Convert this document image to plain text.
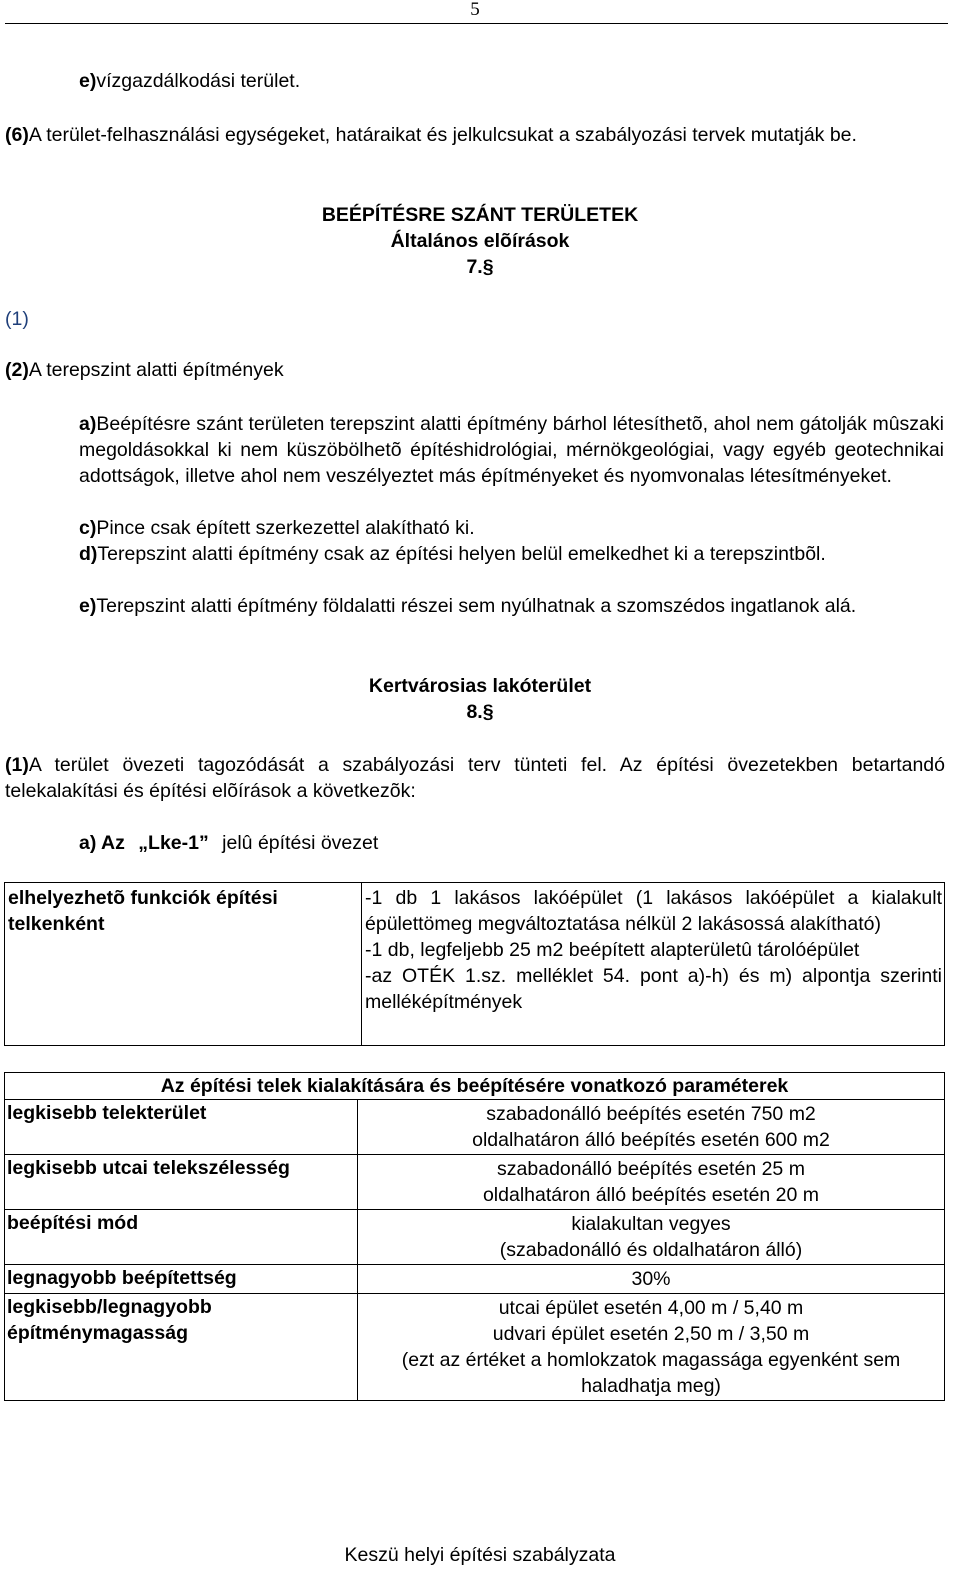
5
e)vízgazdálkodási terület.
(6)A terület-felhasználási egységeket, határaikat és jelkulcsukat a szabályozási tervek mutatják be.
BEÉPÍTÉSRE SZÁNT TERÜLETEK
Általános elõírások
7.§
(1)
(2)A terepszint alatti építmények
a)Beépítésre szánt területen terepszint alatti építmény bárhol létesíthetõ, ahol nem gátolják mûszaki megoldásokkal ki nem küszöbölhetõ építéshidrológiai, mérnökgeológiai, vagy egyéb geotechnikai adottságok, illetve ahol nem veszélyeztet más építményeket és nyomvonalas létesítményeket.
c)Pince csak épített szerkezettel alakítható ki.
d)Terepszint alatti építmény csak az építési helyen belül emelkedhet ki a terepszintbõl.
e)Terepszint alatti építmény földalatti részei sem nyúlhatnak a szomszédos ingatlanok alá.
Kertvárosias lakóterület
8.§
(1)A terület övezeti tagozódását a szabályozási terv tünteti fel. Az építési övezetekben betartandó telekalakítási és építési elõírások a következõk:
a) Az „Lke-1” jelû építési övezet
elhelyezhetõ funkciók építési telkenként	
-1 db 1 lakásos lakóépület (1 lakásos lakóépület a kialakult épülettömeg megváltoztatása nélkül 2 lakásossá alakítható)
-1 db, legfeljebb 25 m2 beépített alapterületû tárolóépület
-az OTÉK 1.sz. melléklet 54. pont a)-h) és m) alpontja szerinti melléképítmények
Az építési telek kialakítására és beépítésére vonatkozó paraméterek	
legkisebb telekterület	szabadonálló beépítés esetén 750 m2
oldalhatáron álló beépítés esetén 600 m2

legkisebb utcai telekszélesség	szabadonálló beépítés esetén 25 m
oldalhatáron álló beépítés esetén 20 m

beépítési mód	kialakultan vegyes
(szabadonálló és oldalhatáron álló)

legnagyobb beépítettség	30%

legkisebb/legnagyobb építménymagasság	utcai épület esetén 4,00 m / 5,40 m
udvari épület esetén 2,50 m / 3,50 m
(ezt az értéket a homlokzatok magassága egyenként sem haladhatja meg)
Keszü helyi építési szabályzata
